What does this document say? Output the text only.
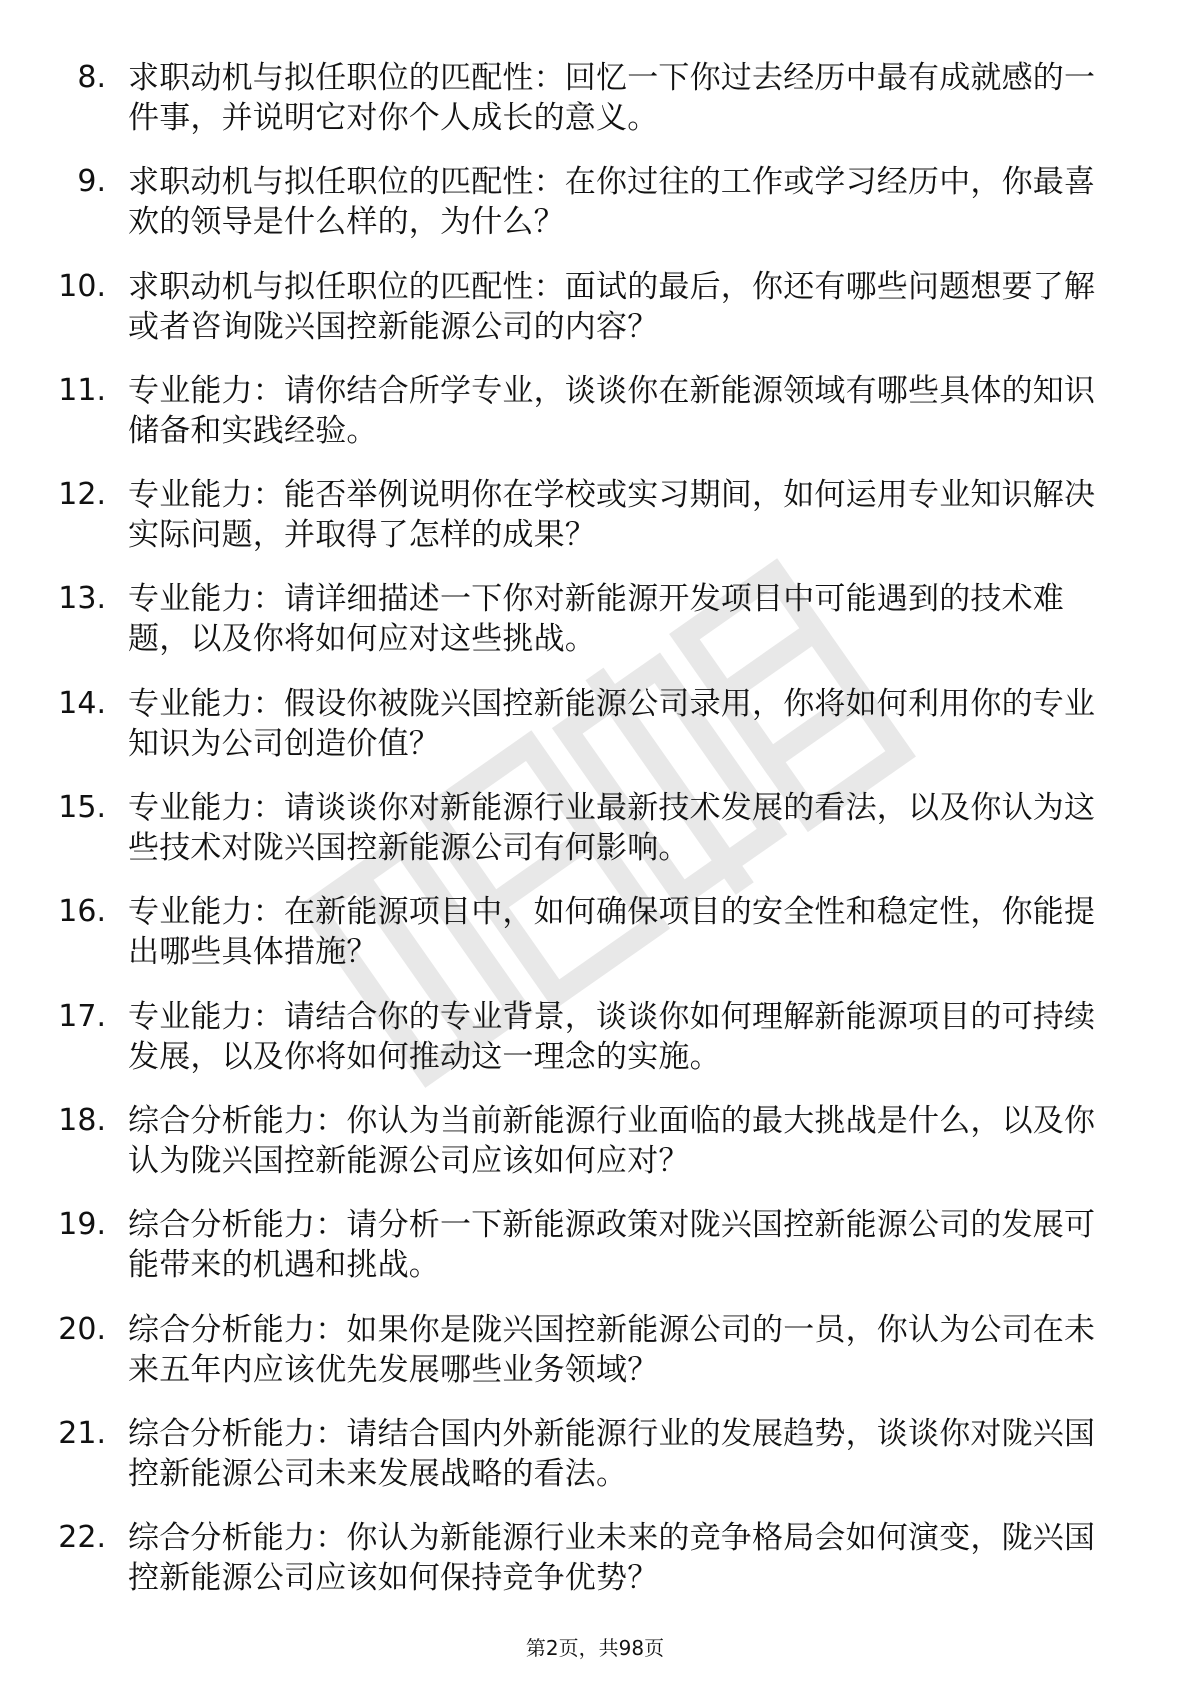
8. 求职动机与拟任职位的匹配性：回忆一下你过去经历中最有成就感的一件事，并说明它对你个人成长的意义。
9. 求职动机与拟任职位的匹配性：在你过往的工作或学习经历中，你最喜欢的领导是什么样的，为什么？
10. 求职动机与拟任职位的匹配性：面试的最后，你还有哪些问题想要了解或者咨询陇兴国控新能源公司的内容？
11. 专业能力：请你结合所学专业，谈谈你在新能源领域有哪些具体的知识储备和实践经验。
12. 专业能力：能否举例说明你在学校或实习期间，如何运用专业知识解决实际问题，并取得了怎样的成果？
13. 专业能力：请详细描述一下你对新能源开发项目中可能遇到的技术难题，以及你将如何应对这些挑战。
14. 专业能力：假设你被陇兴国控新能源公司录用，你将如何利用你的专业知识为公司创造价值？
15. 专业能力：请谈谈你对新能源行业最新技术发展的看法，以及你认为这些技术对陇兴国控新能源公司有何影响。
16. 专业能力：在新能源项目中，如何确保项目的安全性和稳定性，你能提出哪些具体措施？
17. 专业能力：请结合你的专业背景，谈谈你如何理解新能源项目的可持续发展，以及你将如何推动这一理念的实施。
18. 综合分析能力：你认为当前新能源行业面临的最大挑战是什么，以及你认为陇兴国控新能源公司应该如何应对？
19. 综合分析能力：请分析一下新能源政策对陇兴国控新能源公司的发展可能带来的机遇和挑战。
20. 综合分析能力：如果你是陇兴国控新能源公司的一员，你认为公司在未来五年内应该优先发展哪些业务领域？
21. 综合分析能力：请结合国内外新能源行业的发展趋势，谈谈你对陇兴国控新能源公司未来发展战略的看法。
22. 综合分析能力：你认为新能源行业未来的竞争格局会如何演变，陇兴国控新能源公司应该如何保持竞争优势？
第2页，共98页
